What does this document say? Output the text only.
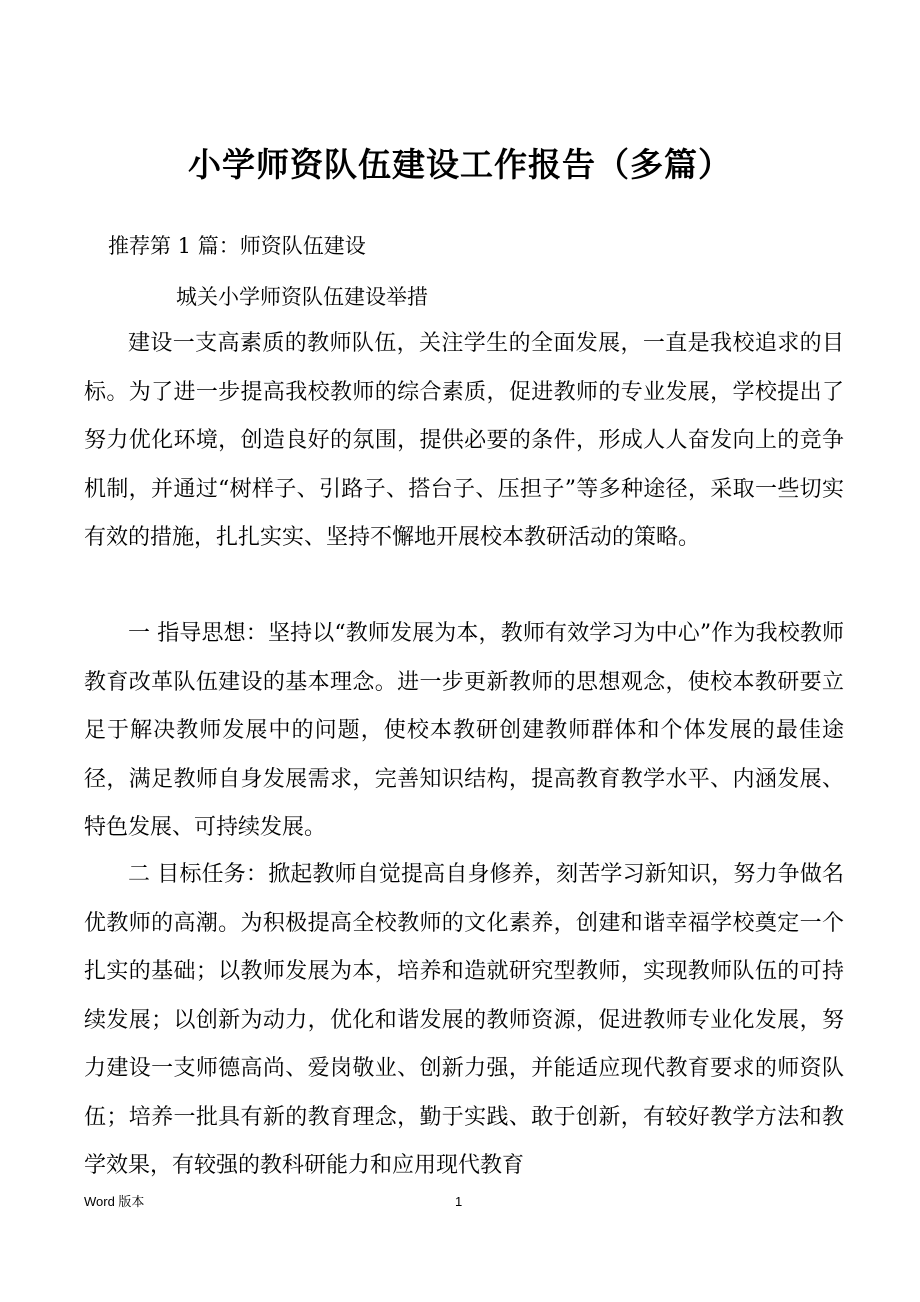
小学师资队伍建设工作报告（多篇）

推荐第 1 篇：师资队伍建设

城关小学师资队伍建设举措

建设一支高素质的教师队伍，关注学生的全面发展，一直是我校追求的目标。为了进一步提高我校教师的综合素质，促进教师的专业发展，学校提出了努力优化环境，创造良好的氛围，提供必要的条件，形成人人奋发向上的竞争机制，并通过“树样子、引路子、搭台子、压担子”等多种途径，采取一些切实有效的措施，扎扎实实、坚持不懈地开展校本教研活动的策略。

一 指导思想：坚持以“教师发展为本，教师有效学习为中心”作为我校教师教育改革队伍建设的基本理念。进一步更新教师的思想观念，使校本教研要立足于解决教师发展中的问题，使校本教研创建教师群体和个体发展的最佳途径，满足教师自身发展需求，完善知识结构，提高教育教学水平、内涵发展、特色发展、可持续发展。

二 目标任务：掀起教师自觉提高自身修养，刻苦学习新知识，努力争做名优教师的高潮。为积极提高全校教师的文化素养，创建和谐幸福学校奠定一个扎实的基础；以教师发展为本，培养和造就研究型教师，实现教师队伍的可持续发展；以创新为动力，优化和谐发展的教师资源，促进教师专业化发展，努力建设一支师德高尚、爱岗敬业、创新力强，并能适应现代教育要求的师资队伍；培养一批具有新的教育理念，勤于实践、敢于创新，有较好教学方法和教学效果，有较强的教科研能力和应用现代教育

Word 版本	1
